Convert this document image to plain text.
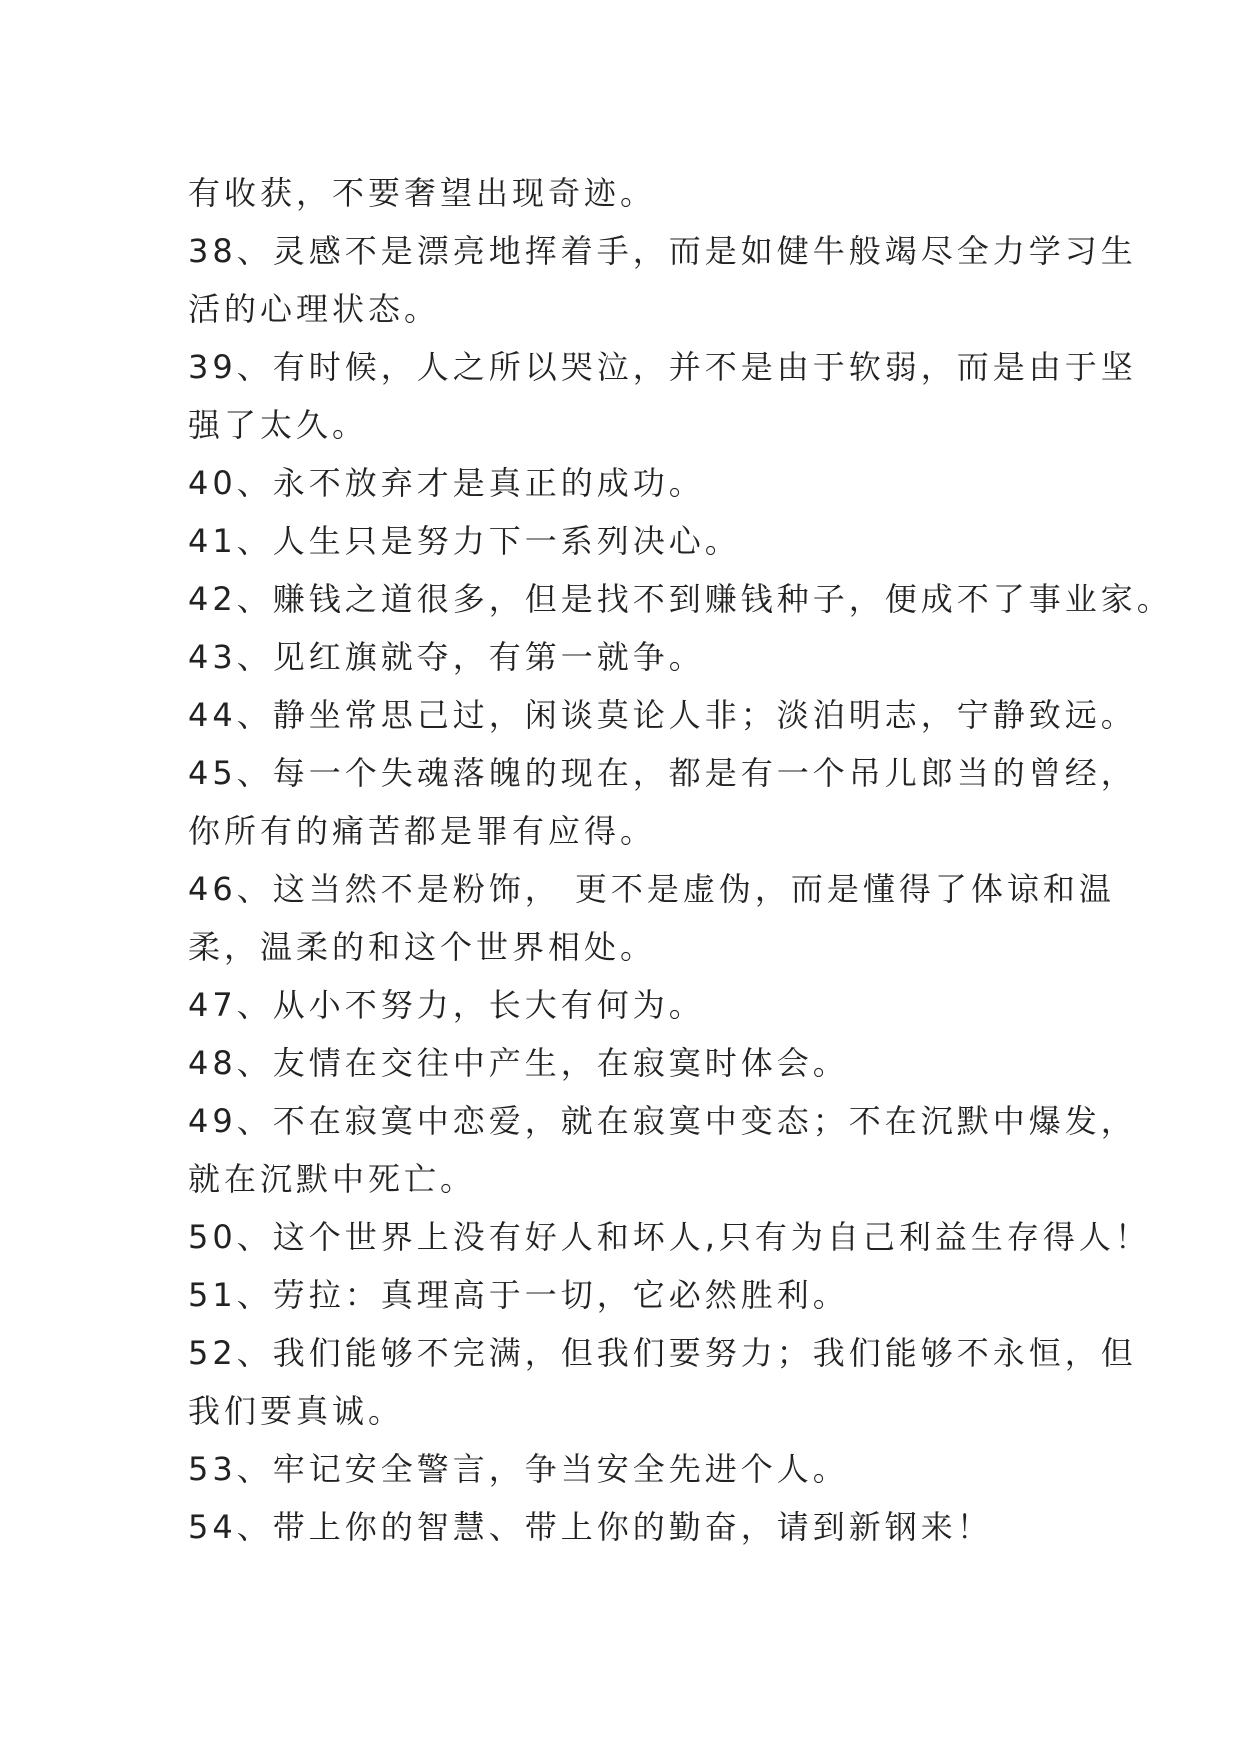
有收获，不要奢望出现奇迹。
38、灵感不是漂亮地挥着手，而是如健牛般竭尽全力学习生
活的心理状态。
39、有时候，人之所以哭泣，并不是由于软弱，而是由于坚
强了太久。
40、永不放弃才是真正的成功。
41、人生只是努力下一系列决心。
42、赚钱之道很多，但是找不到赚钱种子，便成不了事业家。
43、见红旗就夺，有第一就争。
44、静坐常思己过，闲谈莫论人非；淡泊明志，宁静致远。
45、每一个失魂落魄的现在，都是有一个吊儿郎当的曾经，
你所有的痛苦都是罪有应得。
46、这当然不是粉饰， 更不是虚伪，而是懂得了体谅和温
柔，温柔的和这个世界相处。
47、从小不努力，长大有何为。
48、友情在交往中产生，在寂寞时体会。
49、不在寂寞中恋爱，就在寂寞中变态；不在沉默中爆发，
就在沉默中死亡。
50、这个世界上没有好人和坏人,只有为自己利益生存得人！
51、劳拉：真理高于一切，它必然胜利。
52、我们能够不完满，但我们要努力；我们能够不永恒，但
我们要真诚。
53、牢记安全警言，争当安全先进个人。
54、带上你的智慧、带上你的勤奋，请到新钢来！
